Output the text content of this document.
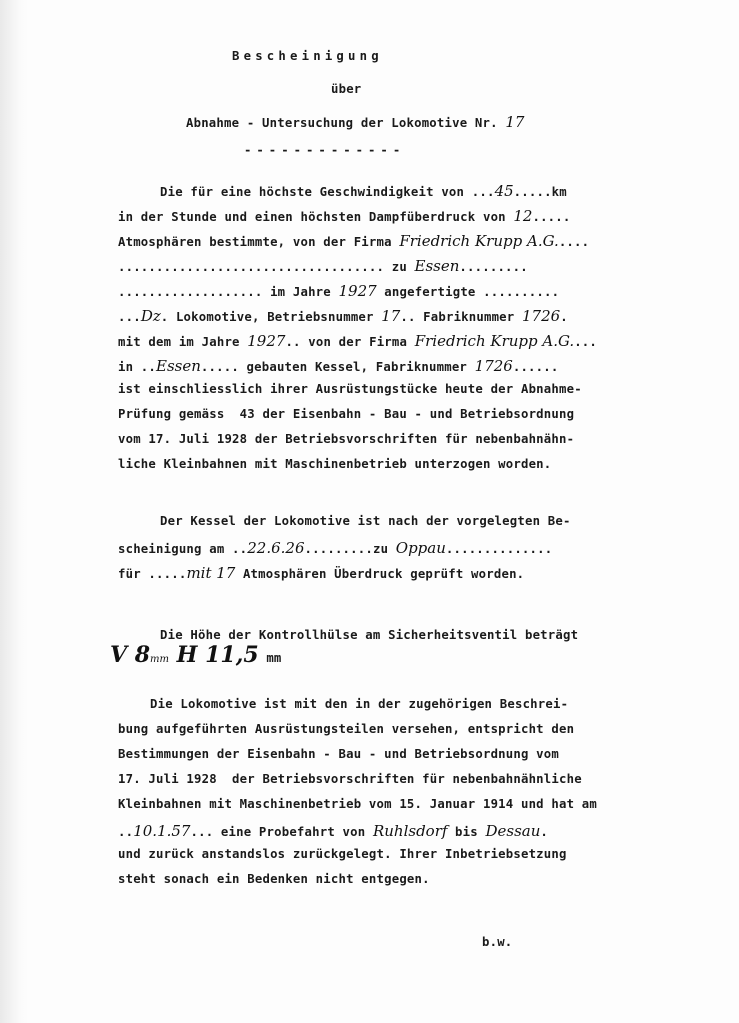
Bescheinigung
über
Abnahme - Untersuchung der Lokomotive Nr. 17
-------------
Die für eine höchste Geschwindigkeit von ...45.....km
in der Stunde und einen höchsten Dampfüberdruck von 12.....
Atmosphären bestimmte, von der Firma Friedrich Krupp A.G.....
................................... zu Essen.........
................... im Jahre 1927 angefertigte ..........
...Dz. Lokomotive, Betriebsnummer 17.. Fabriknummer 1726.
mit dem im Jahre 1927.. von der Firma Friedrich Krupp A.G....
in ..Essen..... gebauten Kessel, Fabriknummer 1726......
ist einschliesslich ihrer Ausrüstungstücke heute der Abnahme-
Prüfung gemäss  43 der Eisenbahn - Bau - und Betriebsordnung
vom 17. Juli 1928 der Betriebsvorschriften für nebenbahnähn-
liche Kleinbahnen mit Maschinenbetrieb unterzogen worden.
Der Kessel der Lokomotive ist nach der vorgelegten Be-
scheinigung am ..22.6.26.........zu Oppau..............
für .....mit 17 Atmosphären Überdruck geprüft worden.
Die Höhe der Kontrollhülse am Sicherheitsventil beträgt
V 8mm H 11,5 mm
Die Lokomotive ist mit den in der zugehörigen Beschrei-
bung aufgeführten Ausrüstungsteilen versehen, entspricht den
Bestimmungen der Eisenbahn - Bau - und Betriebsordnung vom
17. Juli 1928  der Betriebsvorschriften für nebenbahnähnliche
Kleinbahnen mit Maschinenbetrieb vom 15. Januar 1914 und hat am
..10.1.57... eine Probefahrt von Ruhlsdorf bis Dessau.
und zurück anstandslos zurückgelegt. Ihrer Inbetriebsetzung
steht sonach ein Bedenken nicht entgegen.
b.w.
